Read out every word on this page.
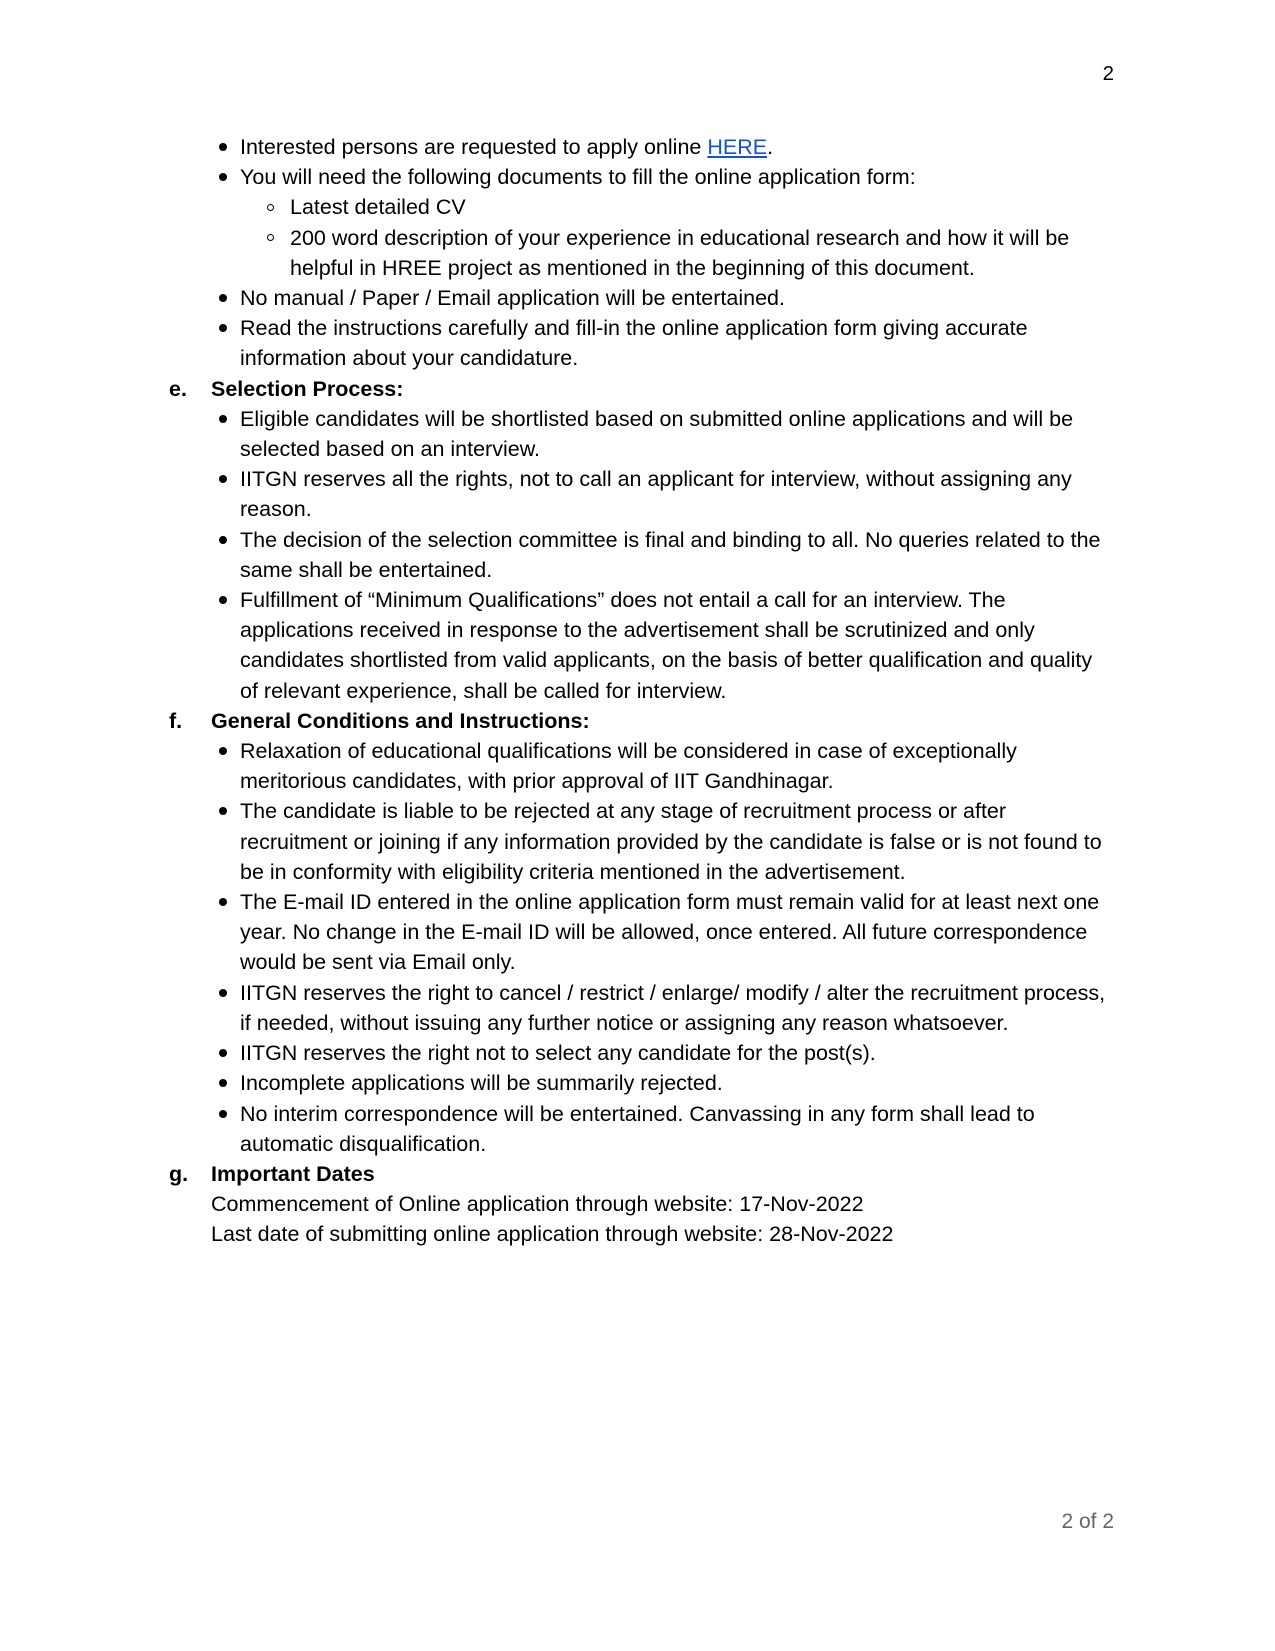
2
Interested persons are requested to apply online HERE.
You will need the following documents to fill the online application form:
Latest detailed CV
200 word description of your experience in educational research and how it will be helpful in HREE project as mentioned in the beginning of this document.
No manual / Paper / Email application will be entertained.
Read the instructions carefully and fill-in the online application form giving accurate information about your candidature.
e.	Selection Process:
Eligible candidates will be shortlisted based on submitted online applications and will be selected based on an interview.
IITGN reserves all the rights, not to call an applicant for interview, without assigning any reason.
The decision of the selection committee is final and binding to all. No queries related to the same shall be entertained.
Fulfillment of “Minimum Qualifications” does not entail a call for an interview. The applications received in response to the advertisement shall be scrutinized and only candidates shortlisted from valid applicants, on the basis of better qualification and quality of relevant experience, shall be called for interview.
f.	General Conditions and Instructions:
Relaxation of educational qualifications will be considered in case of exceptionally meritorious candidates, with prior approval of IIT Gandhinagar.
The candidate is liable to be rejected at any stage of recruitment process or after recruitment or joining if any information provided by the candidate is false or is not found to be in conformity with eligibility criteria mentioned in the advertisement.
The E-mail ID entered in the online application form must remain valid for at least next one year. No change in the E-mail ID will be allowed, once entered. All future correspondence would be sent via Email only.
IITGN reserves the right to cancel / restrict / enlarge/ modify / alter the recruitment process, if needed, without issuing any further notice or assigning any reason whatsoever.
IITGN reserves the right not to select any candidate for the post(s).
Incomplete applications will be summarily rejected.
No interim correspondence will be entertained. Canvassing in any form shall lead to automatic disqualification.
g.	Important Dates
Commencement of Online application through website: 17-Nov-2022
Last date of submitting online application through website: 28-Nov-2022
2 of 2
